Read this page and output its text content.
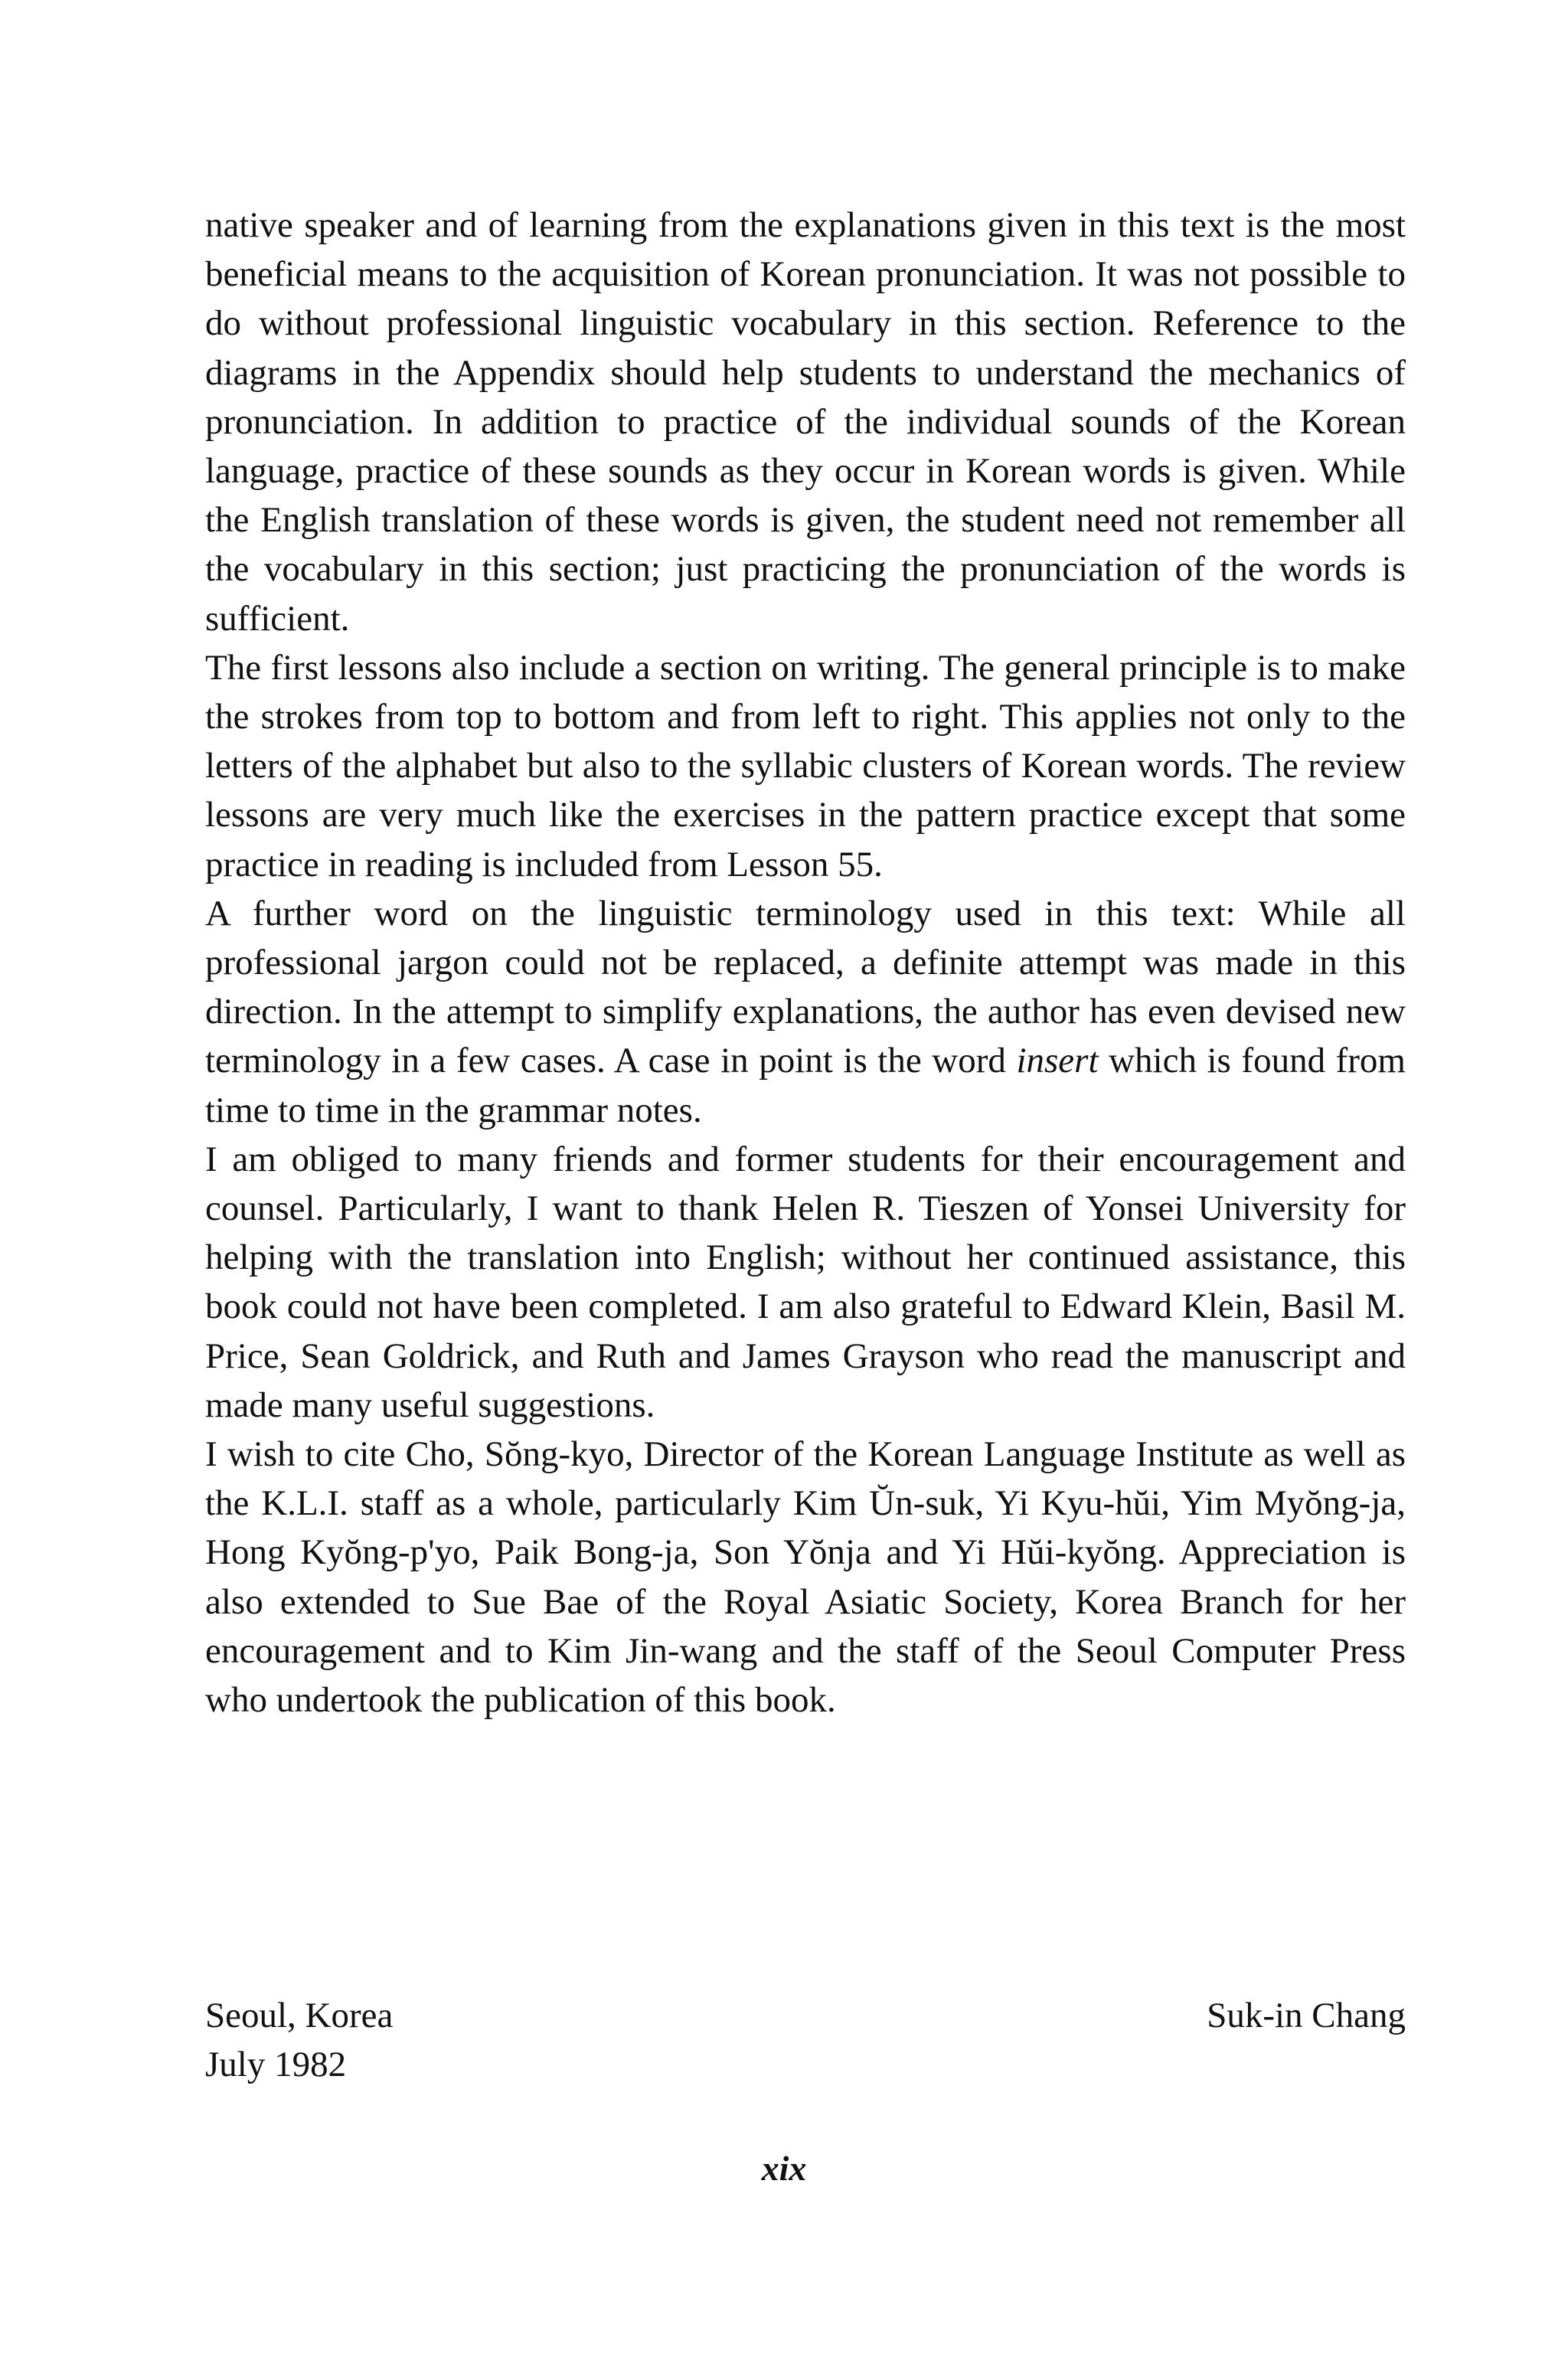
native speaker and of learning from the explanations given in this text is the most beneficial means to the acquisition of Korean pronunciation. It was not possible to do without professional linguistic vocabulary in this section. Reference to the diagrams in the Appendix should help students to understand the mechanics of pronunciation. In addition to practice of the individual sounds of the Korean language, practice of these sounds as they occur in Korean words is given. While the English translation of these words is given, the student need not remember all the vocabulary in this section; just practicing the pronunciation of the words is sufficient.

The first lessons also include a section on writing. The general principle is to make the strokes from top to bottom and from left to right. This applies not only to the letters of the alphabet but also to the syllabic clusters of Korean words. The review lessons are very much like the exercises in the pattern practice except that some practice in reading is included from Lesson 55.

A further word on the linguistic terminology used in this text: While all professional jargon could not be replaced, a definite attempt was made in this direction. In the attempt to simplify explanations, the author has even devised new terminology in a few cases. A case in point is the word insert which is found from time to time in the grammar notes.

I am obliged to many friends and former students for their encouragement and counsel. Particularly, I want to thank Helen R. Tieszen of Yonsei University for helping with the translation into English; without her continued assistance, this book could not have been completed. I am also grateful to Edward Klein, Basil M. Price, Sean Goldrick, and Ruth and James Grayson who read the manuscript and made many useful suggestions.

I wish to cite Cho, Sŏng-kyo, Director of the Korean Language Institute as well as the K.L.I. staff as a whole, particularly Kim Ŭn-suk, Yi Kyu-hŭi, Yim Myŏng-ja, Hong Kyŏng-p'yo, Paik Bong-ja, Son Yŏnja and Yi Hŭi-kyŏng. Appreciation is also extended to Sue Bae of the Royal Asiatic Society, Korea Branch for her encouragement and to Kim Jin-wang and the staff of the Seoul Computer Press who undertook the publication of this book.

Seoul, Korea
July 1982
Suk-in Chang
xix
